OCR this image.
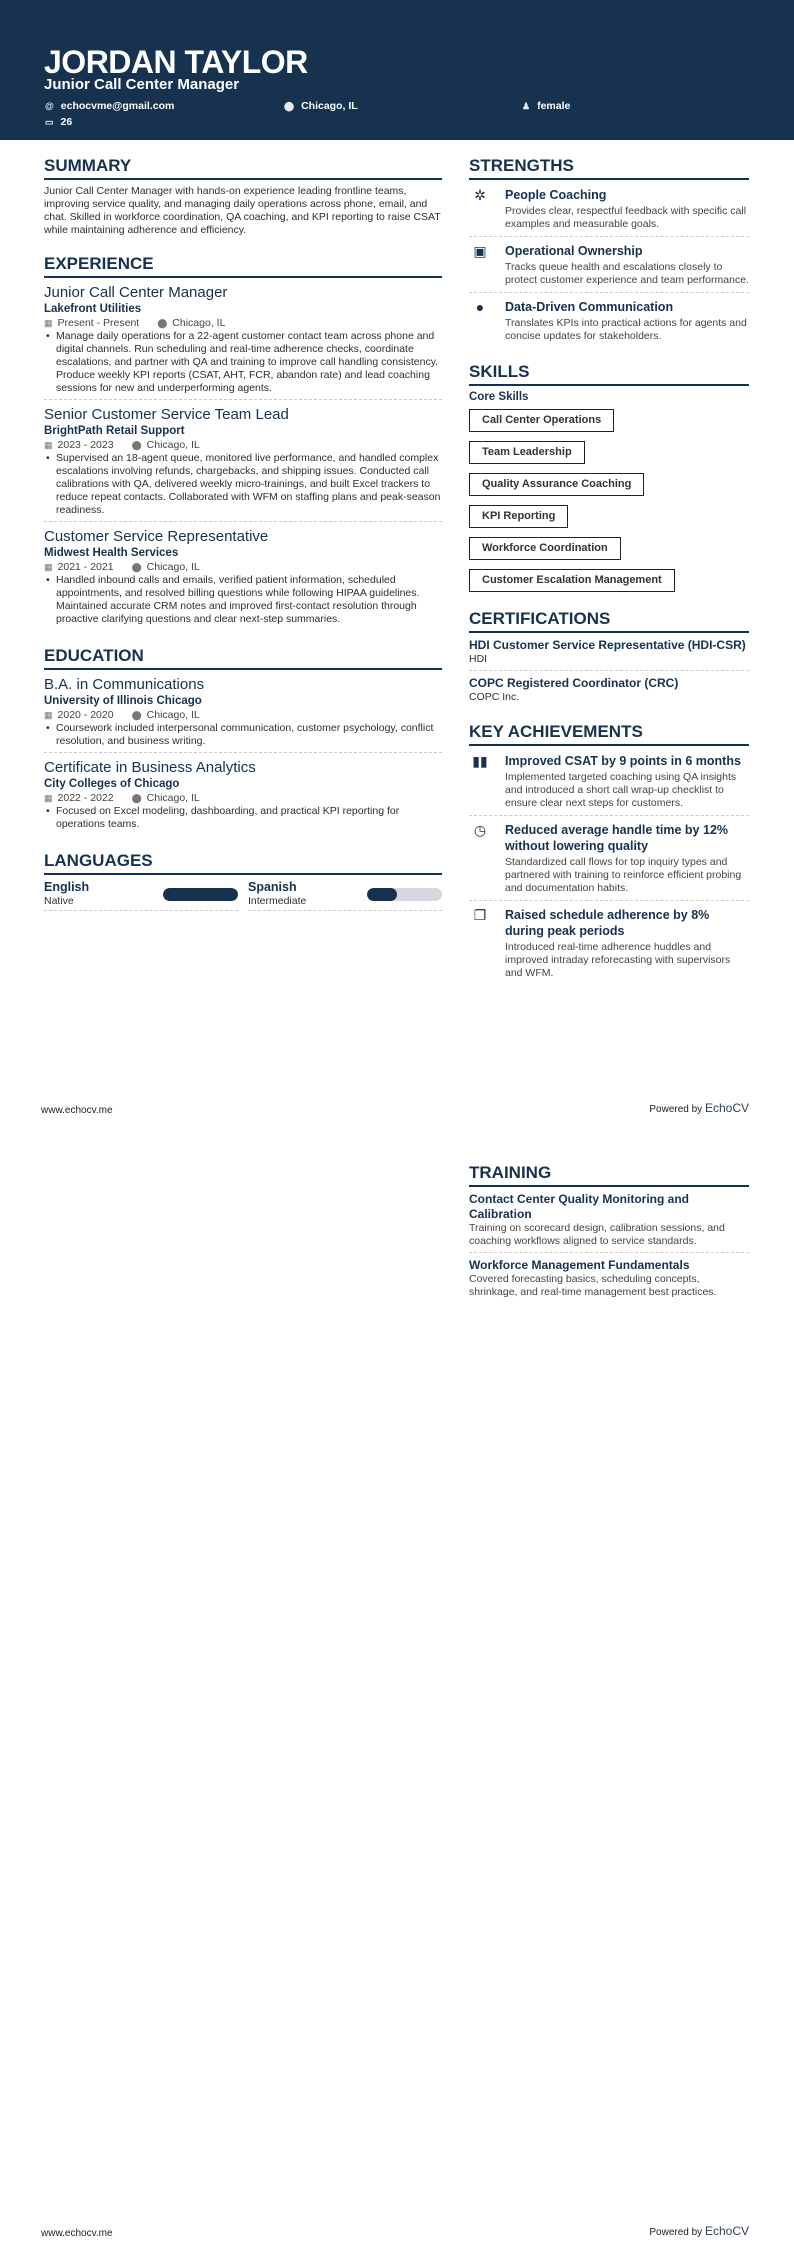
JORDAN TAYLOR
Junior Call Center Manager
@ echocvme@gmail.com	⬤ Chicago, IL	♟ female
▭ 26
SUMMARY

Junior Call Center Manager with hands-on experience leading frontline teams, improving service quality, and managing daily operations across phone, email, and chat. Skilled in workforce coordination, QA coaching, and KPI reporting to raise CSAT while maintaining adherence and efficiency.

EXPERIENCE
Junior Call Center Manager
Lakefront Utilities
▦ Present - Present ⬤ Chicago, IL
• Manage daily operations for a 22-agent customer contact team across phone and digital channels. Run scheduling and real-time adherence checks, coordinate escalations, and partner with QA and training to improve call handling consistency. Produce weekly KPI reports (CSAT, AHT, FCR, abandon rate) and lead coaching sessions for new and underperforming agents.
Senior Customer Service Team Lead
BrightPath Retail Support
▦ 2023 - 2023 ⬤ Chicago, IL
• Supervised an 18-agent queue, monitored live performance, and handled complex escalations involving refunds, chargebacks, and shipping issues. Conducted call calibrations with QA, delivered weekly micro-trainings, and built Excel trackers to reduce repeat contacts. Collaborated with WFM on staffing plans and peak-season readiness.
Customer Service Representative
Midwest Health Services
▦ 2021 - 2021 ⬤ Chicago, IL
• Handled inbound calls and emails, verified patient information, scheduled appointments, and resolved billing questions while following HIPAA guidelines. Maintained accurate CRM notes and improved first-contact resolution through proactive clarifying questions and clear next-step summaries.
EDUCATION
B.A. in Communications
University of Illinois Chicago
▦ 2020 - 2020 ⬤ Chicago, IL
• Coursework included interpersonal communication, customer psychology, conflict resolution, and business writing.
Certificate in Business Analytics
City Colleges of Chicago
▦ 2022 - 2022 ⬤ Chicago, IL
• Focused on Excel modeling, dashboarding, and practical KPI reporting for operations teams.
LANGUAGES
English
Native
Spanish
Intermediate
STRENGTHS
✲	People Coaching
Provides clear, respectful feedback with specific call examples and measurable goals.
▣	Operational Ownership
Tracks queue health and escalations closely to protect customer experience and team performance.
●	Data-Driven Communication
Translates KPIs into practical actions for agents and concise updates for stakeholders.
SKILLS
Core Skills
Call Center Operations
Team Leadership
Quality Assurance Coaching
KPI Reporting
Workforce Coordination
Customer Escalation Management
CERTIFICATIONS
HDI Customer Service Representative (HDI-CSR)
HDI
COPC Registered Coordinator (CRC)
COPC Inc.
KEY ACHIEVEMENTS
▮▮ Improved CSAT by 9 points in 6 months
Implemented targeted coaching using QA insights and introduced a short call wrap-up checklist to ensure clear next steps for customers.
◷	Reduced average handle time by 12% without lowering quality
Standardized call flows for top inquiry types and partnered with training to reinforce efficient probing and documentation habits.
❐	Raised schedule adherence by 8% during peak periods
Introduced real-time adherence huddles and improved intraday reforecasting with supervisors and WFM.
www.echocv.me	Powered by EchoCV
TRAINING
Contact Center Quality Monitoring and Calibration
Training on scorecard design, calibration sessions, and coaching workflows aligned to service standards.
Workforce Management Fundamentals
Covered forecasting basics, scheduling concepts, shrinkage, and real-time management best practices.
www.echocv.me	Powered by EchoCV
